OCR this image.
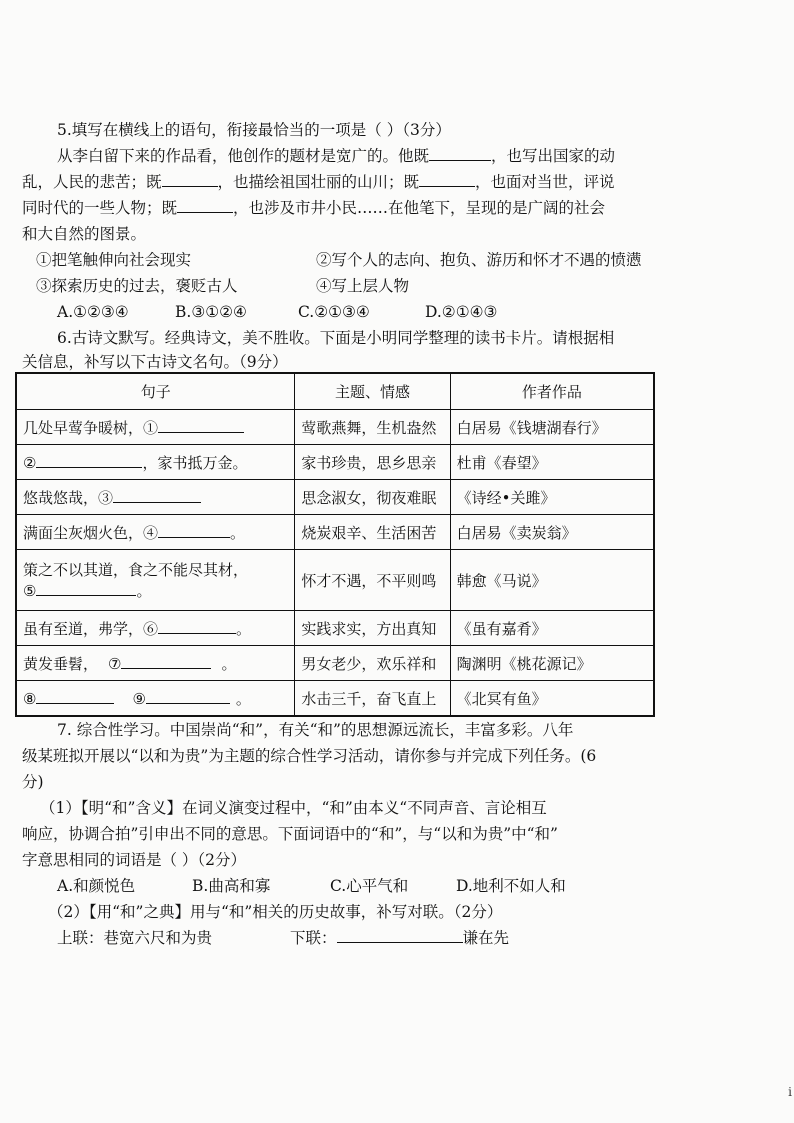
5.填写在横线上的语句，衔接最恰当的一项是（ ）（3分）
从李白留下来的作品看，他创作的题材是宽广的。他既	，也写出国家的动
乱，人民的悲苦；既	，也描绘祖国壮丽的山川；既	，也面对当世，评说
同时代的一些人物；既	，也涉及市井小民……在他笔下，呈现的是广阔的社会
和大自然的图景。
①把笔触伸向社会现实	②写个人的志向、抱负、游历和怀才不遇的愤懑
③探索历史的过去，褒贬古人	④写上层人物
A.①②③④	B.③①②④	C.②①③④	D.②①④③
6.古诗文默写。经典诗文，美不胜收。下面是小明同学整理的读书卡片。请根据相
关信息，补写以下古诗文名句。（9分）
句子	主题、情感	作者作品
几处早莺争暖树，①	莺歌燕舞，生机盎然	白居易《钱塘湖春行》
② ，家书抵万金。	家书珍贵，思乡思亲	杜甫《春望》
悠哉悠哉，③	思念淑女，彻夜难眠	《诗经•关雎》
满面尘灰烟火色，④ 。	烧炭艰辛、生活困苦	白居易《卖炭翁》

策之不以其道，食之不能尽其材，
⑤ 。	怀才不遇，不平则鸣	韩愈《马说》
虽有至道，弗学，⑥ 。	实践求实，方出真知	《虽有嘉肴》
黄发垂髫， ⑦ 。	男女老少，欢乐祥和	陶渊明《桃花源记》
⑧ ⑨ 。	水击三千，奋飞直上	《北冥有鱼》
7. 综合性学习。中国崇尚“和”，有关“和”的思想源远流长，丰富多彩。八年
级某班拟开展以“以和为贵”为主题的综合性学习活动，请你参与并完成下列任务。(6
分)
（1）【明“和”含义】在词义演变过程中，“和”由本义“不同声音、言论相互
响应，协调合拍”引申出不同的意思。下面词语中的“和”，与“以和为贵”中“和”
字意思相同的词语是（ ）（2分）
A.和颜悦色	B.曲高和寡	C.心平气和	D.地利不如人和
（2）【用“和”之典】用与“和”相关的历史故事，补写对联。（2分）
上联：巷宽六尺和为贵	下联：	谦在先
i
